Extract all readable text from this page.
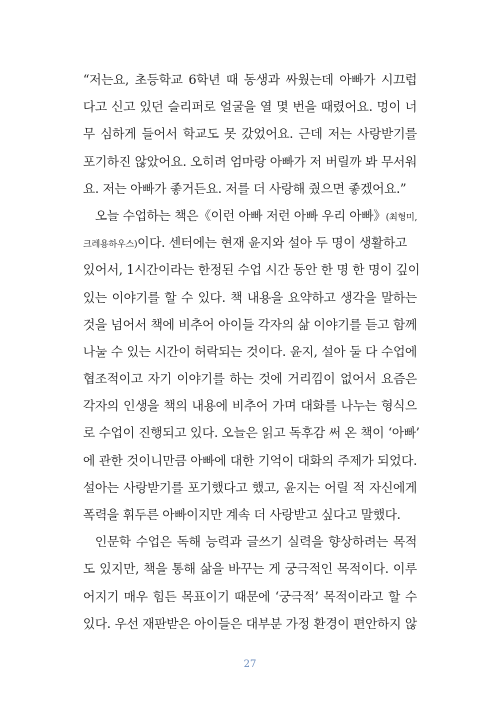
“저는요, 초등학교 6학년 때 동생과 싸웠는데 아빠가 시끄럽
다고 신고 있던 슬리퍼로 얼굴을 열 몇 번을 때렸어요. 멍이 너
무 심하게 들어서 학교도 못 갔었어요. 근데 저는 사랑받기를
포기하진 않았어요. 오히려 엄마랑 아빠가 저 버릴까 봐 무서워
요. 저는 아빠가 좋거든요. 저를 더 사랑해 줬으면 좋겠어요.”
오늘 수업하는 책은《이런 아빠 저런 아빠 우리 아빠》(최형미,
크레용하우스)이다. 센터에는 현재 윤지와 설아 두 명이 생활하고
있어서, 1시간이라는 한정된 수업 시간 동안 한 명 한 명이 깊이
있는 이야기를 할 수 있다. 책 내용을 요약하고 생각을 말하는
것을 넘어서 책에 비추어 아이들 각자의 삶 이야기를 듣고 함께
나눌 수 있는 시간이 허락되는 것이다. 윤지, 설아 둘 다 수업에
협조적이고 자기 이야기를 하는 것에 거리낌이 없어서 요즘은
각자의 인생을 책의 내용에 비추어 가며 대화를 나누는 형식으
로 수업이 진행되고 있다. 오늘은 읽고 독후감 써 온 책이 ‘아빠’
에 관한 것이니만큼 아빠에 대한 기억이 대화의 주제가 되었다.
설아는 사랑받기를 포기했다고 했고, 윤지는 어릴 적 자신에게
폭력을 휘두른 아빠이지만 계속 더 사랑받고 싶다고 말했다.
인문학 수업은 독해 능력과 글쓰기 실력을 향상하려는 목적
도 있지만, 책을 통해 삶을 바꾸는 게 궁극적인 목적이다. 이루
어지기 매우 힘든 목표이기 때문에 ‘궁극적’ 목적이라고 할 수
있다. 우선 재판받은 아이들은 대부분 가정 환경이 편안하지 않
27
